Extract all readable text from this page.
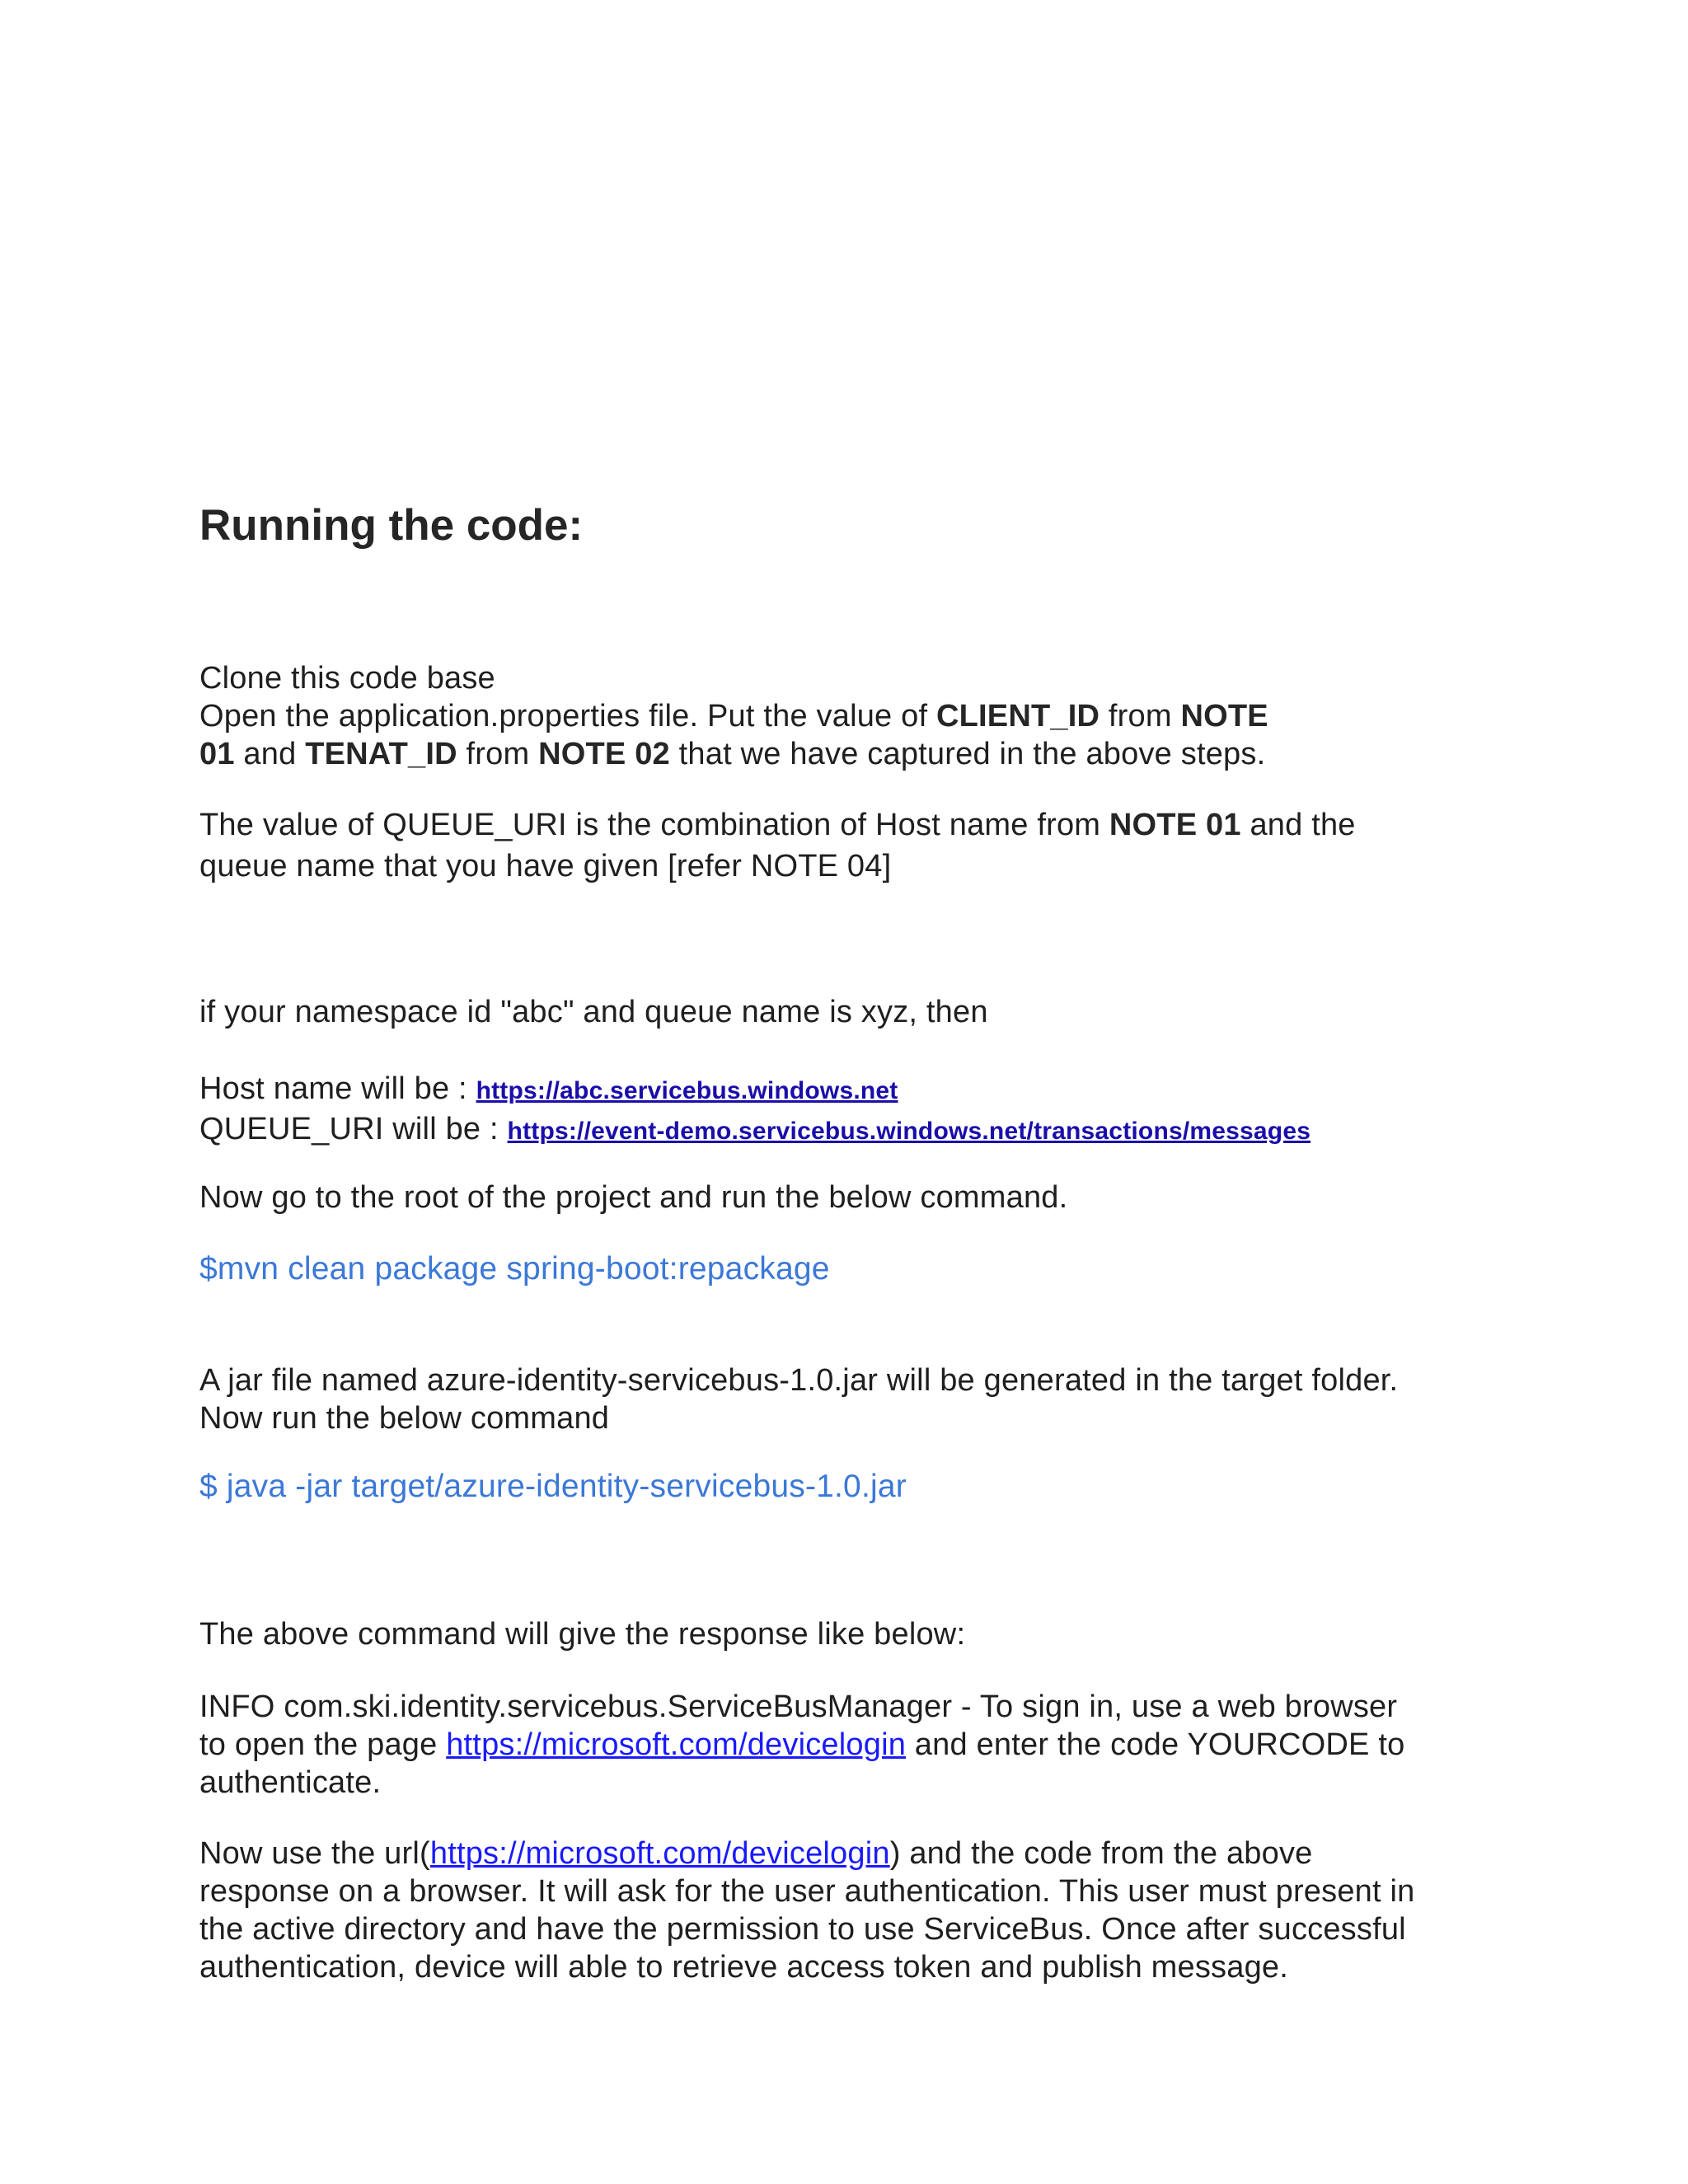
Running the code:
Clone this code base
Open the application.properties file. Put the value of CLIENT_ID from NOTE
01 and TENAT_ID from NOTE 02 that we have captured in the above steps.
The value of QUEUE_URI is the combination of Host name from NOTE 01 and the
queue name that you have given [refer NOTE 04]
if your namespace id "abc" and queue name is xyz, then
Host name will be : https://abc.servicebus.windows.net
QUEUE_URI will be : https://event-demo.servicebus.windows.net/transactions/messages
Now go to the root of the project and run the below command.
$mvn clean package spring-boot:repackage
A jar file named azure-identity-servicebus-1.0.jar will be generated in the target folder.
Now run the below command
$ java -jar target/azure-identity-servicebus-1.0.jar
The above command will give the response like below:
INFO com.ski.identity.servicebus.ServiceBusManager - To sign in, use a web browser
to open the page https://microsoft.com/devicelogin and enter the code YOURCODE to
authenticate.
Now use the url(https://microsoft.com/devicelogin) and the code from the above
response on a browser. It will ask for the user authentication. This user must present in
the active directory and have the permission to use ServiceBus. Once after successful
authentication, device will able to retrieve access token and publish message.
